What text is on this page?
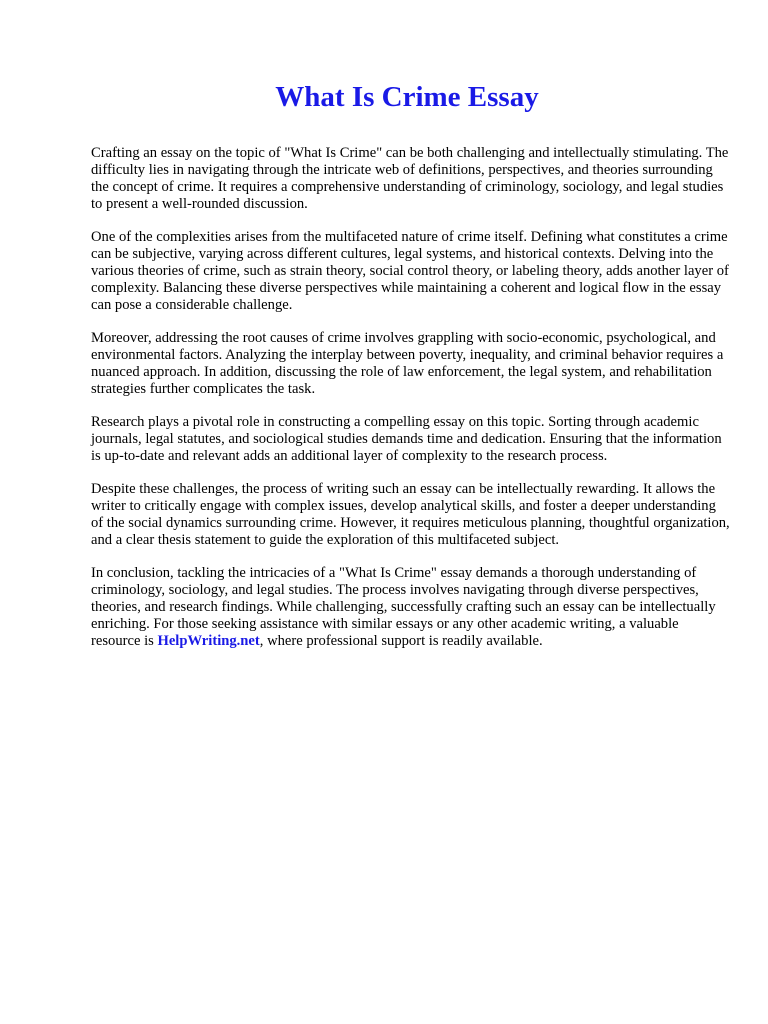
What Is Crime Essay

Crafting an essay on the topic of "What Is Crime" can be both challenging and intellectually stimulating. The difficulty lies in navigating through the intricate web of definitions, perspectives, and theories surrounding the concept of crime. It requires a comprehensive understanding of criminology, sociology, and legal studies to present a well-rounded discussion.

One of the complexities arises from the multifaceted nature of crime itself. Defining what constitutes a crime can be subjective, varying across different cultures, legal systems, and historical contexts. Delving into the various theories of crime, such as strain theory, social control theory, or labeling theory, adds another layer of complexity. Balancing these diverse perspectives while maintaining a coherent and logical flow in the essay can pose a considerable challenge.

Moreover, addressing the root causes of crime involves grappling with socio-economic, psychological, and environmental factors. Analyzing the interplay between poverty, inequality, and criminal behavior requires a nuanced approach. In addition, discussing the role of law enforcement, the legal system, and rehabilitation strategies further complicates the task.

Research plays a pivotal role in constructing a compelling essay on this topic. Sorting through academic journals, legal statutes, and sociological studies demands time and dedication. Ensuring that the information is up-to-date and relevant adds an additional layer of complexity to the research process.

Despite these challenges, the process of writing such an essay can be intellectually rewarding. It allows the writer to critically engage with complex issues, develop analytical skills, and foster a deeper understanding of the social dynamics surrounding crime. However, it requires meticulous planning, thoughtful organization, and a clear thesis statement to guide the exploration of this multifaceted subject.

In conclusion, tackling the intricacies of a "What Is Crime" essay demands a thorough understanding of criminology, sociology, and legal studies. The process involves navigating through diverse perspectives, theories, and research findings. While challenging, successfully crafting such an essay can be intellectually enriching. For those seeking assistance with similar essays or any other academic writing, a valuable resource is HelpWriting.net, where professional support is readily available.
